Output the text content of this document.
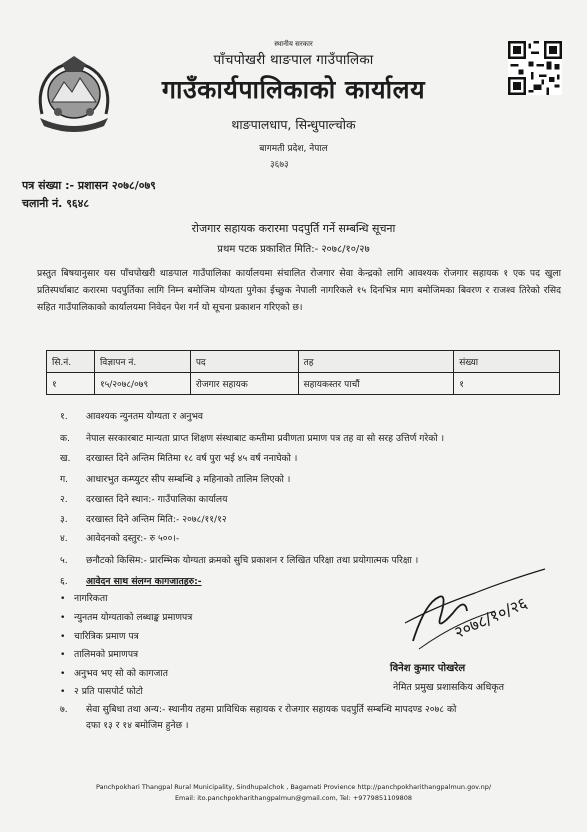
स्थानीय सरकार
पाँचपोखरी थाङपाल गाउँपालिका
गाउँकार्यपालिकाको कार्यालय
थाङपालधाप, सिन्धुपाल्चोक
बागमती प्रदेश, नेपाल
३६७३
पत्र संख्या :- प्रशासन २०७८/०७९
चलानी नं. ९६४८
रोजगार सहायक करारमा पदपुर्ति गर्ने सम्बन्धि सूचना
प्रथम पटक प्रकाशित मिति:- २०७८/१०/२७
प्रस्तुत बिषयानुसार यस पाँचपोखरी थाङपाल गाउँपालिका कार्यालयमा संचालित रोजगार सेवा केन्द्रको लागि आवश्यक रोजगार सहायक १ एक पद खुला प्रतिस्पर्धाबाट करारमा पदपुर्तिका लागि निम्न बमोजिम योग्यता पुगेका ईच्छुक नेपाली नागरिकले १५ दिनभित्र माग बमोजिमका बिवरण र राजश्व तिरेको रसिद सहित गाउँपालिकाको कार्यालयमा निवेदन पेश गर्न यो सूचना प्रकाशन गरिएको छ।
सि.नं.	विज्ञापन नं.	पद	तह	संख्या
१	१५/२०७८/०७९	रोजगार सहायक	सहायकस्तर पाचौं	१
१. आवश्यक न्युनतम योग्यता र अनुभव
क. नेपाल सरकारबाट मान्यता प्राप्त शिक्षण संस्थाबाट कम्तीमा प्रवीणता प्रमाण पत्र तह वा सो सरह उत्तिर्ण गरेको ।
ख. दरखास्त दिने अन्तिम मितिमा १८ वर्ष पुरा भई ४५ वर्ष ननाघेको ।
ग. आधारभुत कम्प्युटर सीप सम्बन्धि ३ महिनाको तालिम लिएको ।
२. दरखास्त दिने स्थान:- गाउँपालिका कार्यालय
३. दरखास्त दिने अन्तिम मिति:- २०७८/११/१२
४. आवेदनको दस्तुर:- रु ५००।-
५. छनौटको किसिम:- प्रारम्भिक योग्यता क्रमको सुचि प्रकाशन र लिखित परिक्षा तथा प्रयोगात्मक परिक्षा ।
६. आवेदन साथ संलग्न कागजातहरु:-
• नागरिकता
• न्युनतम योग्यताको लब्धाङ्क प्रमाणपत्र
• चारित्रिक प्रमाण पत्र
• तालिमको प्रमाणपत्र
• अनुभव भए सो को कागजात
• २ प्रति पासपोर्ट फोटो
७. सेवा सुबिधा तथा अन्य:- स्थानीय तहमा प्राविधिक सहायक र रोजगार सहायक पदपुर्ति सम्बन्धि मापदण्ड २०७८ को
दफा १३ र १४ बमोजिम हुनेछ ।
२०७८/१०/२६
विनेश कुमार पोखरेल
नेमित प्रमुख प्रशासकिय अधिकृत
Panchpokhari Thangpal Rural Municipality, Sindhupalchok , Bagamati Provience http://panchpokharithangpalmun.gov.np/
Email: ito.panchpokharithangpalmun@gmail.com, Tel: +97798511098​08
